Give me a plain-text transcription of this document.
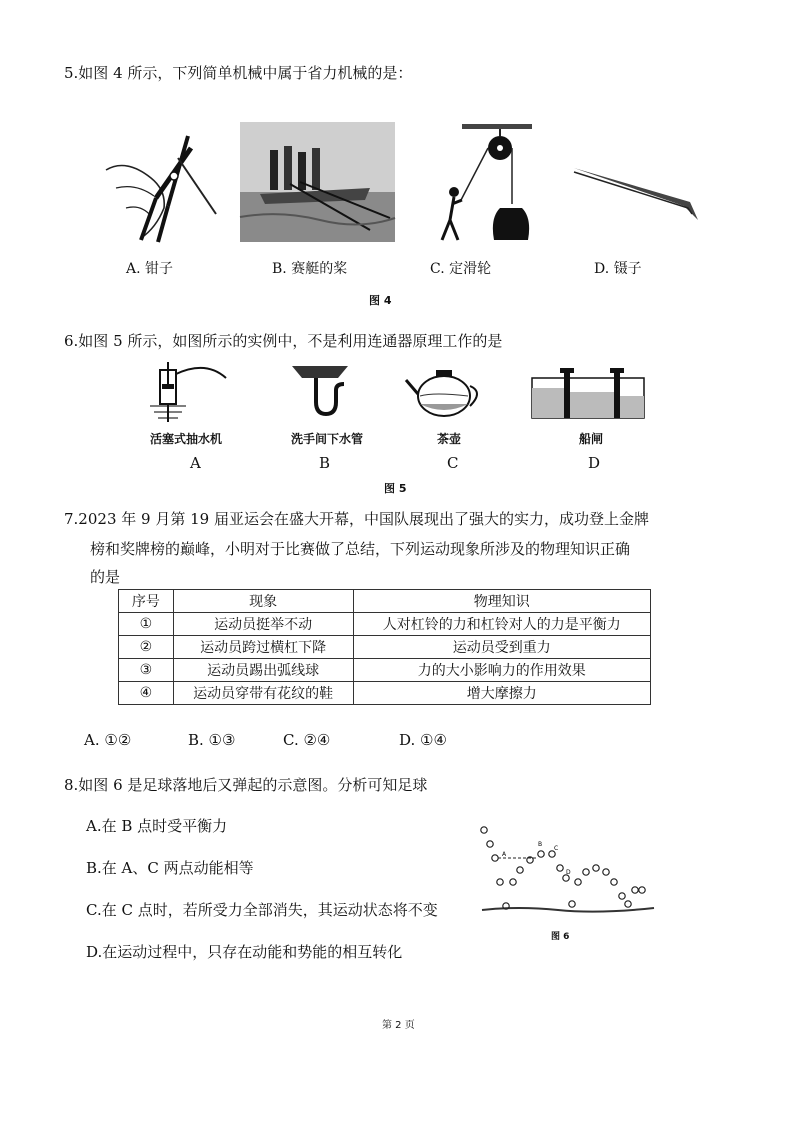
5.如图 4 所示，下列简单机械中属于省力机械的是：
A. 钳子	B. 赛艇的桨	C. 定滑轮	D. 镊子
图 4
6.如图 5 所示，如图所示的实例中，不是利用连通器原理工作的是
活塞式抽水机	洗手间下水管	茶壶	船闸
A	B	C	D
图 5
7.2023 年 9 月第 19 届亚运会在盛大开幕，中国队展现出了强大的实力，成功登上金牌
榜和奖牌榜的巅峰，小明对于比赛做了总结，下列运动现象所涉及的物理知识正确
的是
序号	现象	物理知识
①	运动员挺举不动	人对杠铃的力和杠铃对人的力是平衡力
②	运动员跨过横杠下降	运动员受到重力
③	运动员踢出弧线球	力的大小影响力的作用效果
④	运动员穿带有花纹的鞋	增大摩擦力
A. ①②	B. ①③	C. ②④	D. ①④
8.如图 6 是足球落地后又弹起的示意图。分析可知足球
A.在 B 点时受平衡力
B.在 A、C 两点动能相等
C.在 C 点时，若所受力全部消失，其运动状态将不变
D.在运动过程中，只存在动能和势能的相互转化
A
B
C
D
图 6
第 2 页
